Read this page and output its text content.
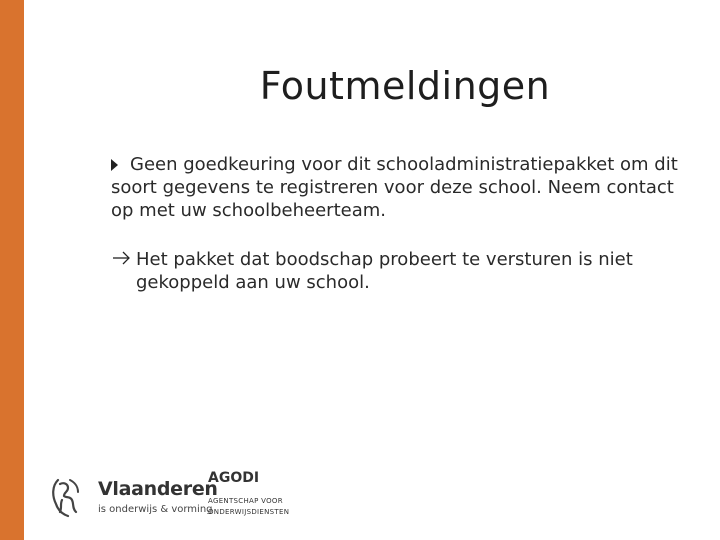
Foutmeldingen
Geen goedkeuring voor dit schooladministratiepakket om dit soort gegevens te registreren voor deze school. Neem contact op met uw schoolbeheerteam.
Het pakket dat boodschap probeert te versturen is niet gekoppeld aan uw school.
Vlaanderen
is onderwijs & vorming
AGODI
AGENTSCHAP VOOR
ONDERWIJSDIENSTEN
